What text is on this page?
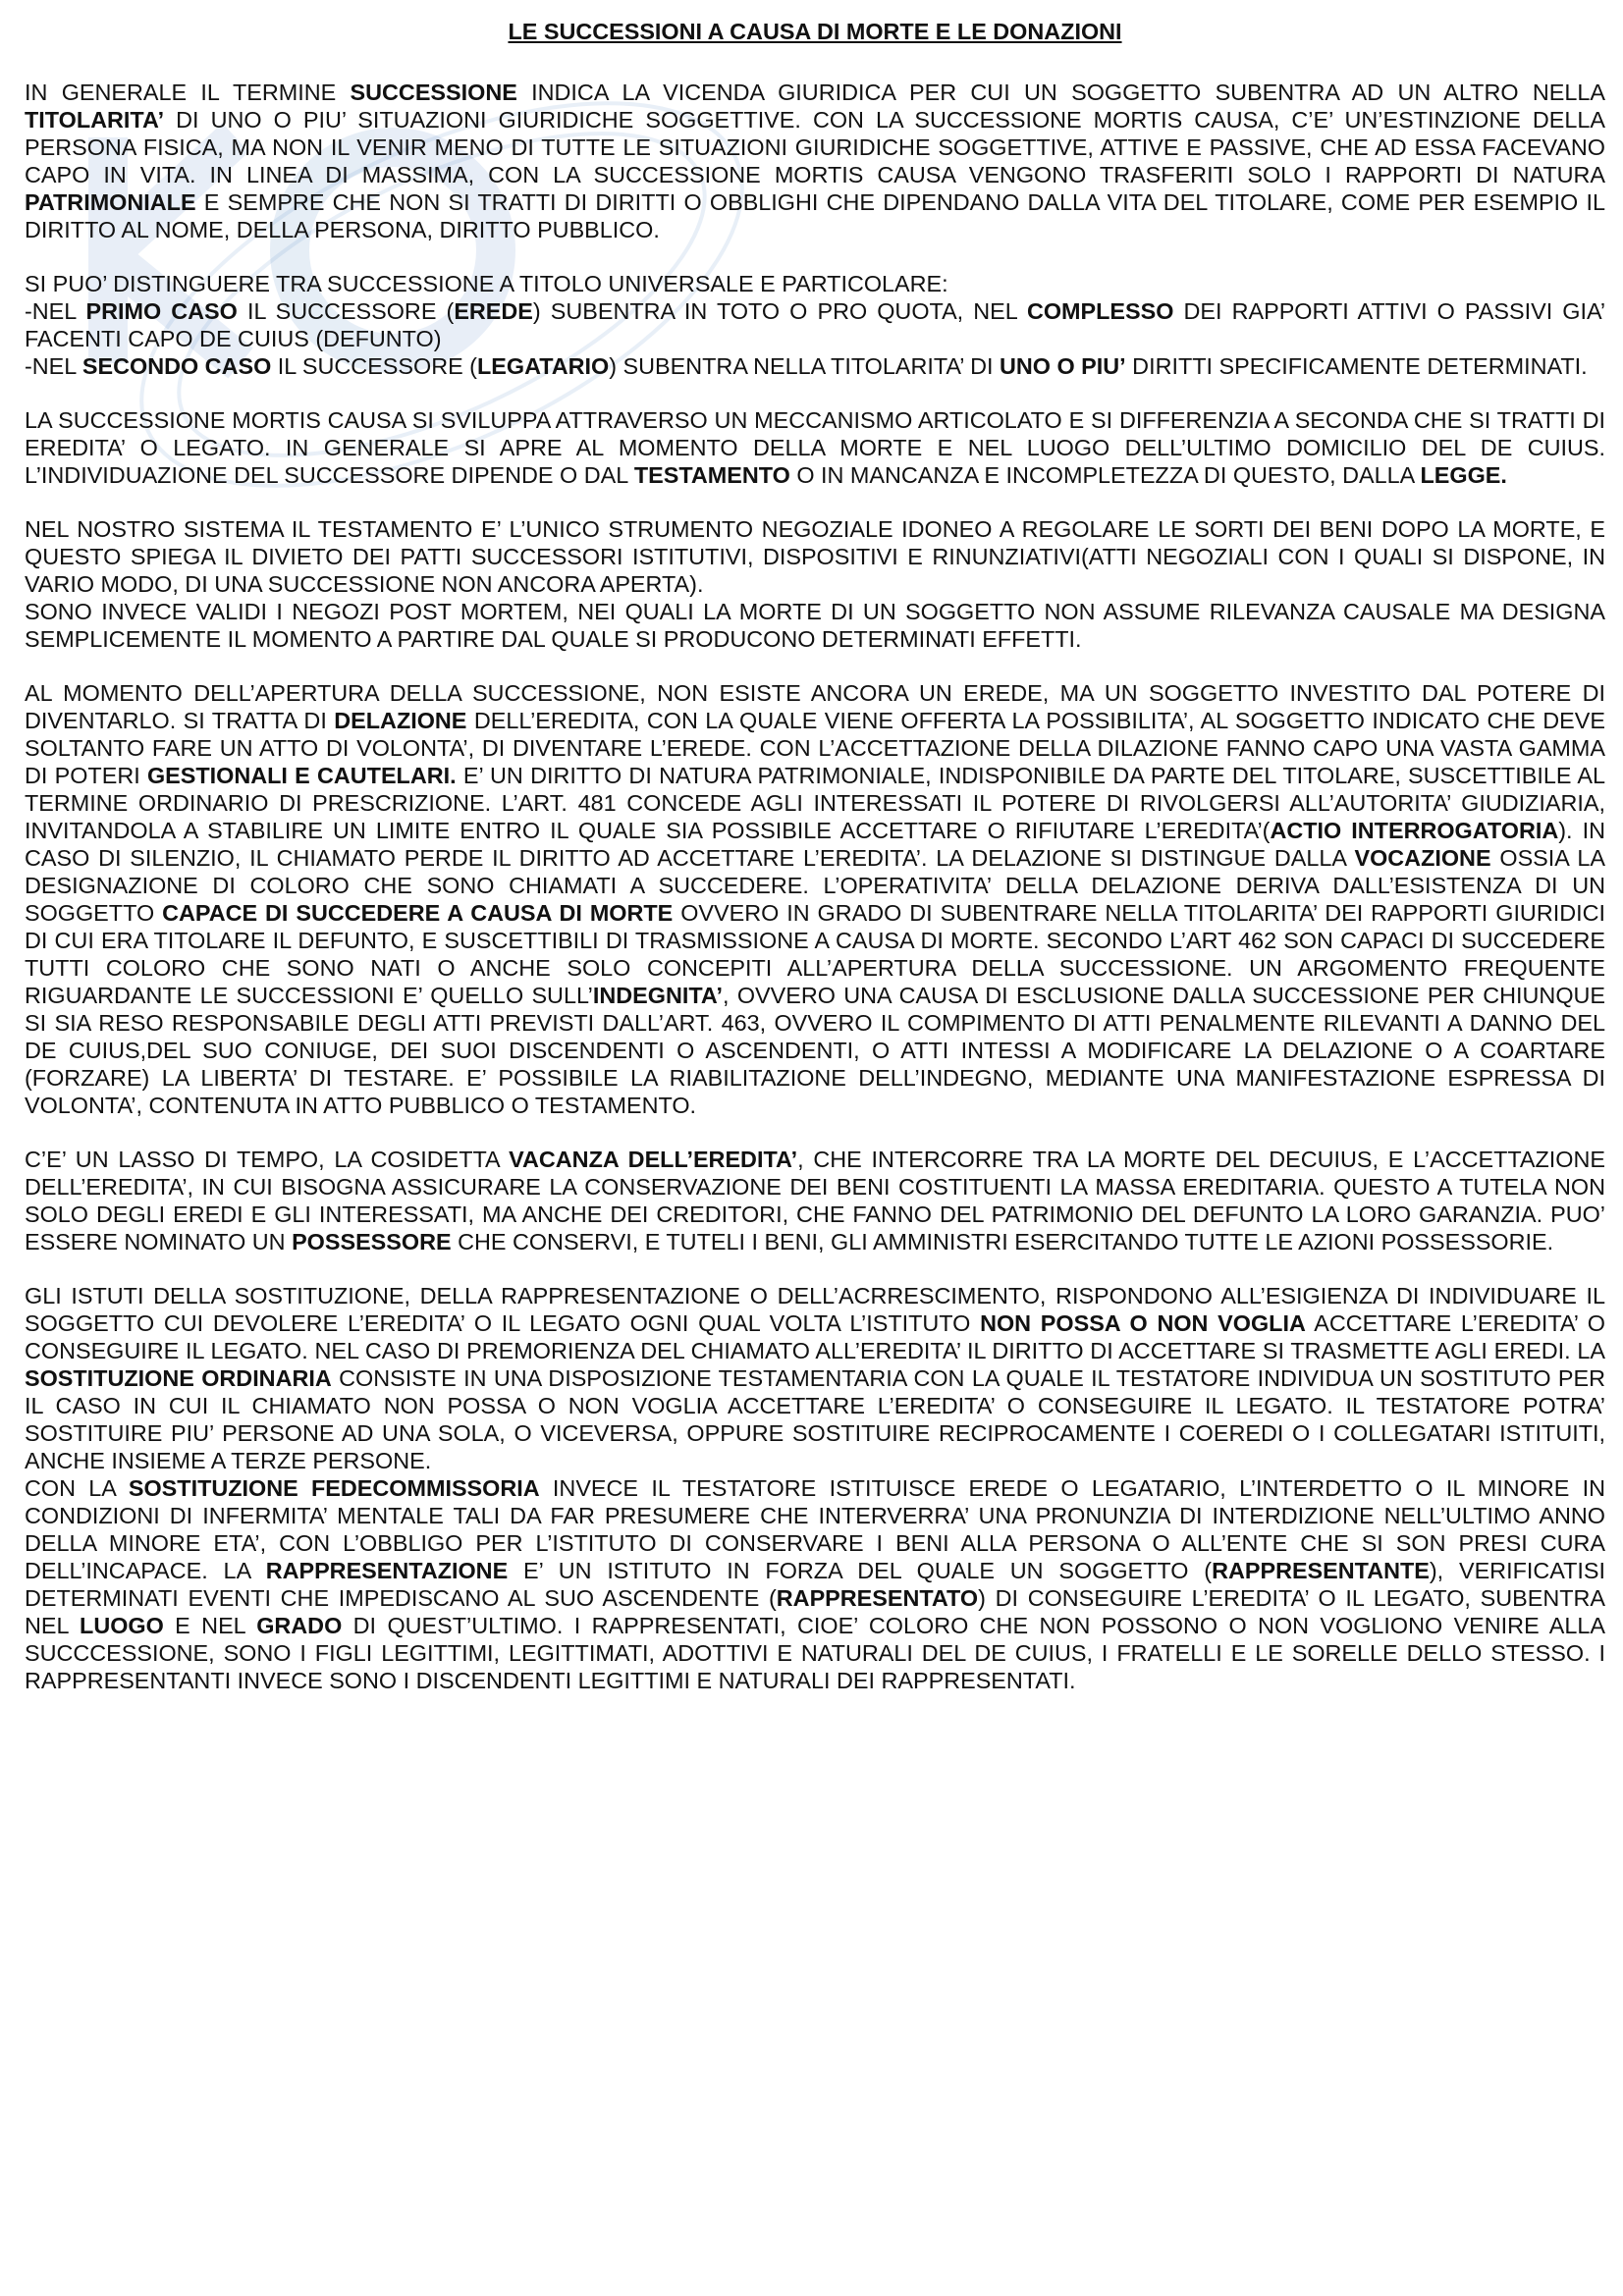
LE SUCCESSIONI A CAUSA DI MORTE E LE DONAZIONI
IN GENERALE IL TERMINE SUCCESSIONE INDICA LA VICENDA GIURIDICA PER CUI UN SOGGETTO SUBENTRA AD UN ALTRO NELLA TITOLARITA’ DI UNO O PIU’ SITUAZIONI GIURIDICHE SOGGETTIVE. CON LA SUCCESSIONE MORTIS CAUSA, C’E’ UN’ESTINZIONE DELLA PERSONA FISICA, MA NON IL VENIR MENO DI TUTTE LE SITUAZIONI GIURIDICHE SOGGETTIVE, ATTIVE E PASSIVE, CHE AD ESSA FACEVANO CAPO IN VITA. IN LINEA DI MASSIMA, CON LA SUCCESSIONE MORTIS CAUSA VENGONO TRASFERITI SOLO I RAPPORTI DI NATURA PATRIMONIALE E SEMPRE CHE NON SI TRATTI DI DIRITTI O OBBLIGHI CHE DIPENDANO DALLA VITA DEL TITOLARE, COME PER ESEMPIO IL DIRITTO AL NOME, DELLA PERSONA, DIRITTO PUBBLICO.
SI PUO’ DISTINGUERE TRA SUCCESSIONE A TITOLO UNIVERSALE E PARTICOLARE:
-NEL PRIMO CASO IL SUCCESSORE (EREDE) SUBENTRA IN TOTO O PRO QUOTA, NEL COMPLESSO DEI RAPPORTI ATTIVI O PASSIVI GIA’ FACENTI CAPO DE CUIUS (DEFUNTO)
-NEL SECONDO CASO IL SUCCESSORE (LEGATARIO) SUBENTRA NELLA TITOLARITA’ DI UNO O PIU’ DIRITTI SPECIFICAMENTE DETERMINATI.
LA SUCCESSIONE MORTIS CAUSA SI SVILUPPA ATTRAVERSO UN MECCANISMO ARTICOLATO E SI DIFFERENZIA A SECONDA CHE SI TRATTI DI EREDITA’ O LEGATO. IN GENERALE SI APRE AL MOMENTO DELLA MORTE E NEL LUOGO DELL’ULTIMO DOMICILIO DEL DE CUIUS. L’INDIVIDUAZIONE DEL SUCCESSORE DIPENDE O DAL TESTAMENTO O IN MANCANZA E INCOMPLETEZZA DI QUESTO, DALLA LEGGE.
NEL NOSTRO SISTEMA IL TESTAMENTO E’ L’UNICO STRUMENTO NEGOZIALE IDONEO A REGOLARE LE SORTI DEI BENI DOPO LA MORTE, E QUESTO SPIEGA IL DIVIETO DEI PATTI SUCCESSORI ISTITUTIVI, DISPOSITIVI E RINUNZIATIVI(ATTI NEGOZIALI CON I QUALI SI DISPONE, IN VARIO MODO, DI UNA SUCCESSIONE NON ANCORA APERTA).
SONO INVECE VALIDI I NEGOZI POST MORTEM, NEI QUALI LA MORTE DI UN SOGGETTO NON ASSUME RILEVANZA CAUSALE MA DESIGNA SEMPLICEMENTE IL MOMENTO A PARTIRE DAL QUALE SI PRODUCONO DETERMINATI EFFETTI.
AL MOMENTO DELL’APERTURA DELLA SUCCESSIONE, NON ESISTE ANCORA UN EREDE, MA UN SOGGETTO INVESTITO DAL POTERE DI DIVENTARLO. SI TRATTA DI DELAZIONE DELL’EREDITA, CON LA QUALE VIENE OFFERTA LA POSSIBILITA’, AL SOGGETTO INDICATO CHE DEVE SOLTANTO FARE UN ATTO DI VOLONTA’, DI DIVENTARE L’EREDE. CON L’ACCETTAZIONE DELLA DILAZIONE FANNO CAPO UNA VASTA GAMMA DI POTERI GESTIONALI E CAUTELARI. E’ UN DIRITTO DI NATURA PATRIMONIALE, INDISPONIBILE DA PARTE DEL TITOLARE, SUSCETTIBILE AL TERMINE ORDINARIO DI PRESCRIZIONE. L’ART. 481 CONCEDE AGLI INTERESSATI IL POTERE DI RIVOLGERSI ALL’AUTORITA’ GIUDIZIARIA, INVITANDOLA A STABILIRE UN LIMITE ENTRO IL QUALE SIA POSSIBILE ACCETTARE O RIFIUTARE L’EREDITA’(ACTIO INTERROGATORIA). IN CASO DI SILENZIO, IL CHIAMATO PERDE IL DIRITTO AD ACCETTARE L’EREDITA’. LA DELAZIONE SI DISTINGUE DALLA VOCAZIONE OSSIA LA DESIGNAZIONE DI COLORO CHE SONO CHIAMATI A SUCCEDERE. L’OPERATIVITA’ DELLA DELAZIONE DERIVA DALL’ESISTENZA DI UN SOGGETTO CAPACE DI SUCCEDERE A CAUSA DI MORTE OVVERO IN GRADO DI SUBENTRARE NELLA TITOLARITA’ DEI RAPPORTI GIURIDICI DI CUI ERA TITOLARE IL DEFUNTO, E SUSCETTIBILI DI TRASMISSIONE A CAUSA DI MORTE. SECONDO L’ART 462 SON CAPACI DI SUCCEDERE TUTTI COLORO CHE SONO NATI O ANCHE SOLO CONCEPITI ALL’APERTURA DELLA SUCCESSIONE. UN ARGOMENTO FREQUENTE RIGUARDANTE LE SUCCESSIONI E’ QUELLO SULL’INDEGNITA’, OVVERO UNA CAUSA DI ESCLUSIONE DALLA SUCCESSIONE PER CHIUNQUE SI SIA RESO RESPONSABILE DEGLI ATTI PREVISTI DALL’ART. 463, OVVERO IL COMPIMENTO DI ATTI PENALMENTE RILEVANTI A DANNO DEL DE CUIUS,DEL SUO CONIUGE, DEI SUOI DISCENDENTI O ASCENDENTI, O ATTI INTESSI A MODIFICARE LA DELAZIONE O A COARTARE (FORZARE) LA LIBERTA’ DI TESTARE. E’ POSSIBILE LA RIABILITAZIONE DELL’INDEGNO, MEDIANTE UNA MANIFESTAZIONE ESPRESSA DI VOLONTA’, CONTENUTA IN ATTO PUBBLICO O TESTAMENTO.
C’E’ UN LASSO DI TEMPO, LA COSIDETTA VACANZA DELL’EREDITA’, CHE INTERCORRE TRA LA MORTE DEL DECUIUS, E L’ACCETTAZIONE DELL’EREDITA’, IN CUI BISOGNA ASSICURARE LA CONSERVAZIONE DEI BENI COSTITUENTI LA MASSA EREDITARIA. QUESTO A TUTELA NON SOLO DEGLI EREDI E GLI INTERESSATI, MA ANCHE DEI CREDITORI, CHE FANNO DEL PATRIMONIO DEL DEFUNTO LA LORO GARANZIA. PUO’ ESSERE NOMINATO UN POSSESSORE CHE CONSERVI, E TUTELI I BENI, GLI AMMINISTRI ESERCITANDO TUTTE LE AZIONI POSSESSORIE.
GLI ISTUTI DELLA SOSTITUZIONE, DELLA RAPPRESENTAZIONE O DELL’ACRRESCIMENTO, RISPONDONO ALL’ESIGIENZA DI INDIVIDUARE IL SOGGETTO CUI DEVOLERE L’EREDITA’ O IL LEGATO OGNI QUAL VOLTA L’ISTITUTO NON POSSA O NON VOGLIA ACCETTARE L’EREDITA’ O CONSEGUIRE IL LEGATO. NEL CASO DI PREMORIENZA DEL CHIAMATO ALL’EREDITA’ IL DIRITTO DI ACCETTARE SI TRASMETTE AGLI EREDI. LA SOSTITUZIONE ORDINARIA CONSISTE IN UNA DISPOSIZIONE TESTAMENTARIA CON LA QUALE IL TESTATORE INDIVIDUA UN SOSTITUTO PER IL CASO IN CUI IL CHIAMATO NON POSSA O NON VOGLIA ACCETTARE L’EREDITA’ O CONSEGUIRE IL LEGATO. IL TESTATORE POTRA’ SOSTITUIRE PIU’ PERSONE AD UNA SOLA, O VICEVERSA, OPPURE SOSTITUIRE RECIPROCAMENTE I COEREDI O I COLLEGATARI ISTITUITI, ANCHE INSIEME A TERZE PERSONE.
CON LA SOSTITUZIONE FEDECOMMISSORIA INVECE IL TESTATORE ISTITUISCE EREDE O LEGATARIO, L’INTERDETTO O IL MINORE IN CONDIZIONI DI INFERMITA’ MENTALE TALI DA FAR PRESUMERE CHE INTERVERRA’ UNA PRONUNZIA DI INTERDIZIONE NELL’ULTIMO ANNO DELLA MINORE ETA’, CON L’OBBLIGO PER L’ISTITUTO DI CONSERVARE I BENI ALLA PERSONA O ALL’ENTE CHE SI SON PRESI CURA DELL’INCAPACE. LA RAPPRESENTAZIONE E’ UN ISTITUTO IN FORZA DEL QUALE UN SOGGETTO (RAPPRESENTANTE), VERIFICATISI DETERMINATI EVENTI CHE IMPEDISCANO AL SUO ASCENDENTE (RAPPRESENTATO) DI CONSEGUIRE L’EREDITA’ O IL LEGATO, SUBENTRA NEL LUOGO E NEL GRADO DI QUEST’ULTIMO. I RAPPRESENTATI, CIOE’ COLORO CHE NON POSSONO O NON VOGLIONO VENIRE ALLA SUCCCESSIONE, SONO I FIGLI LEGITTIMI, LEGITTIMATI, ADOTTIVI E NATURALI DEL DE CUIUS, I FRATELLI E LE SORELLE DELLO STESSO. I RAPPRESENTANTI INVECE SONO I DISCENDENTI LEGITTIMI E NATURALI DEI RAPPRESENTATI.
